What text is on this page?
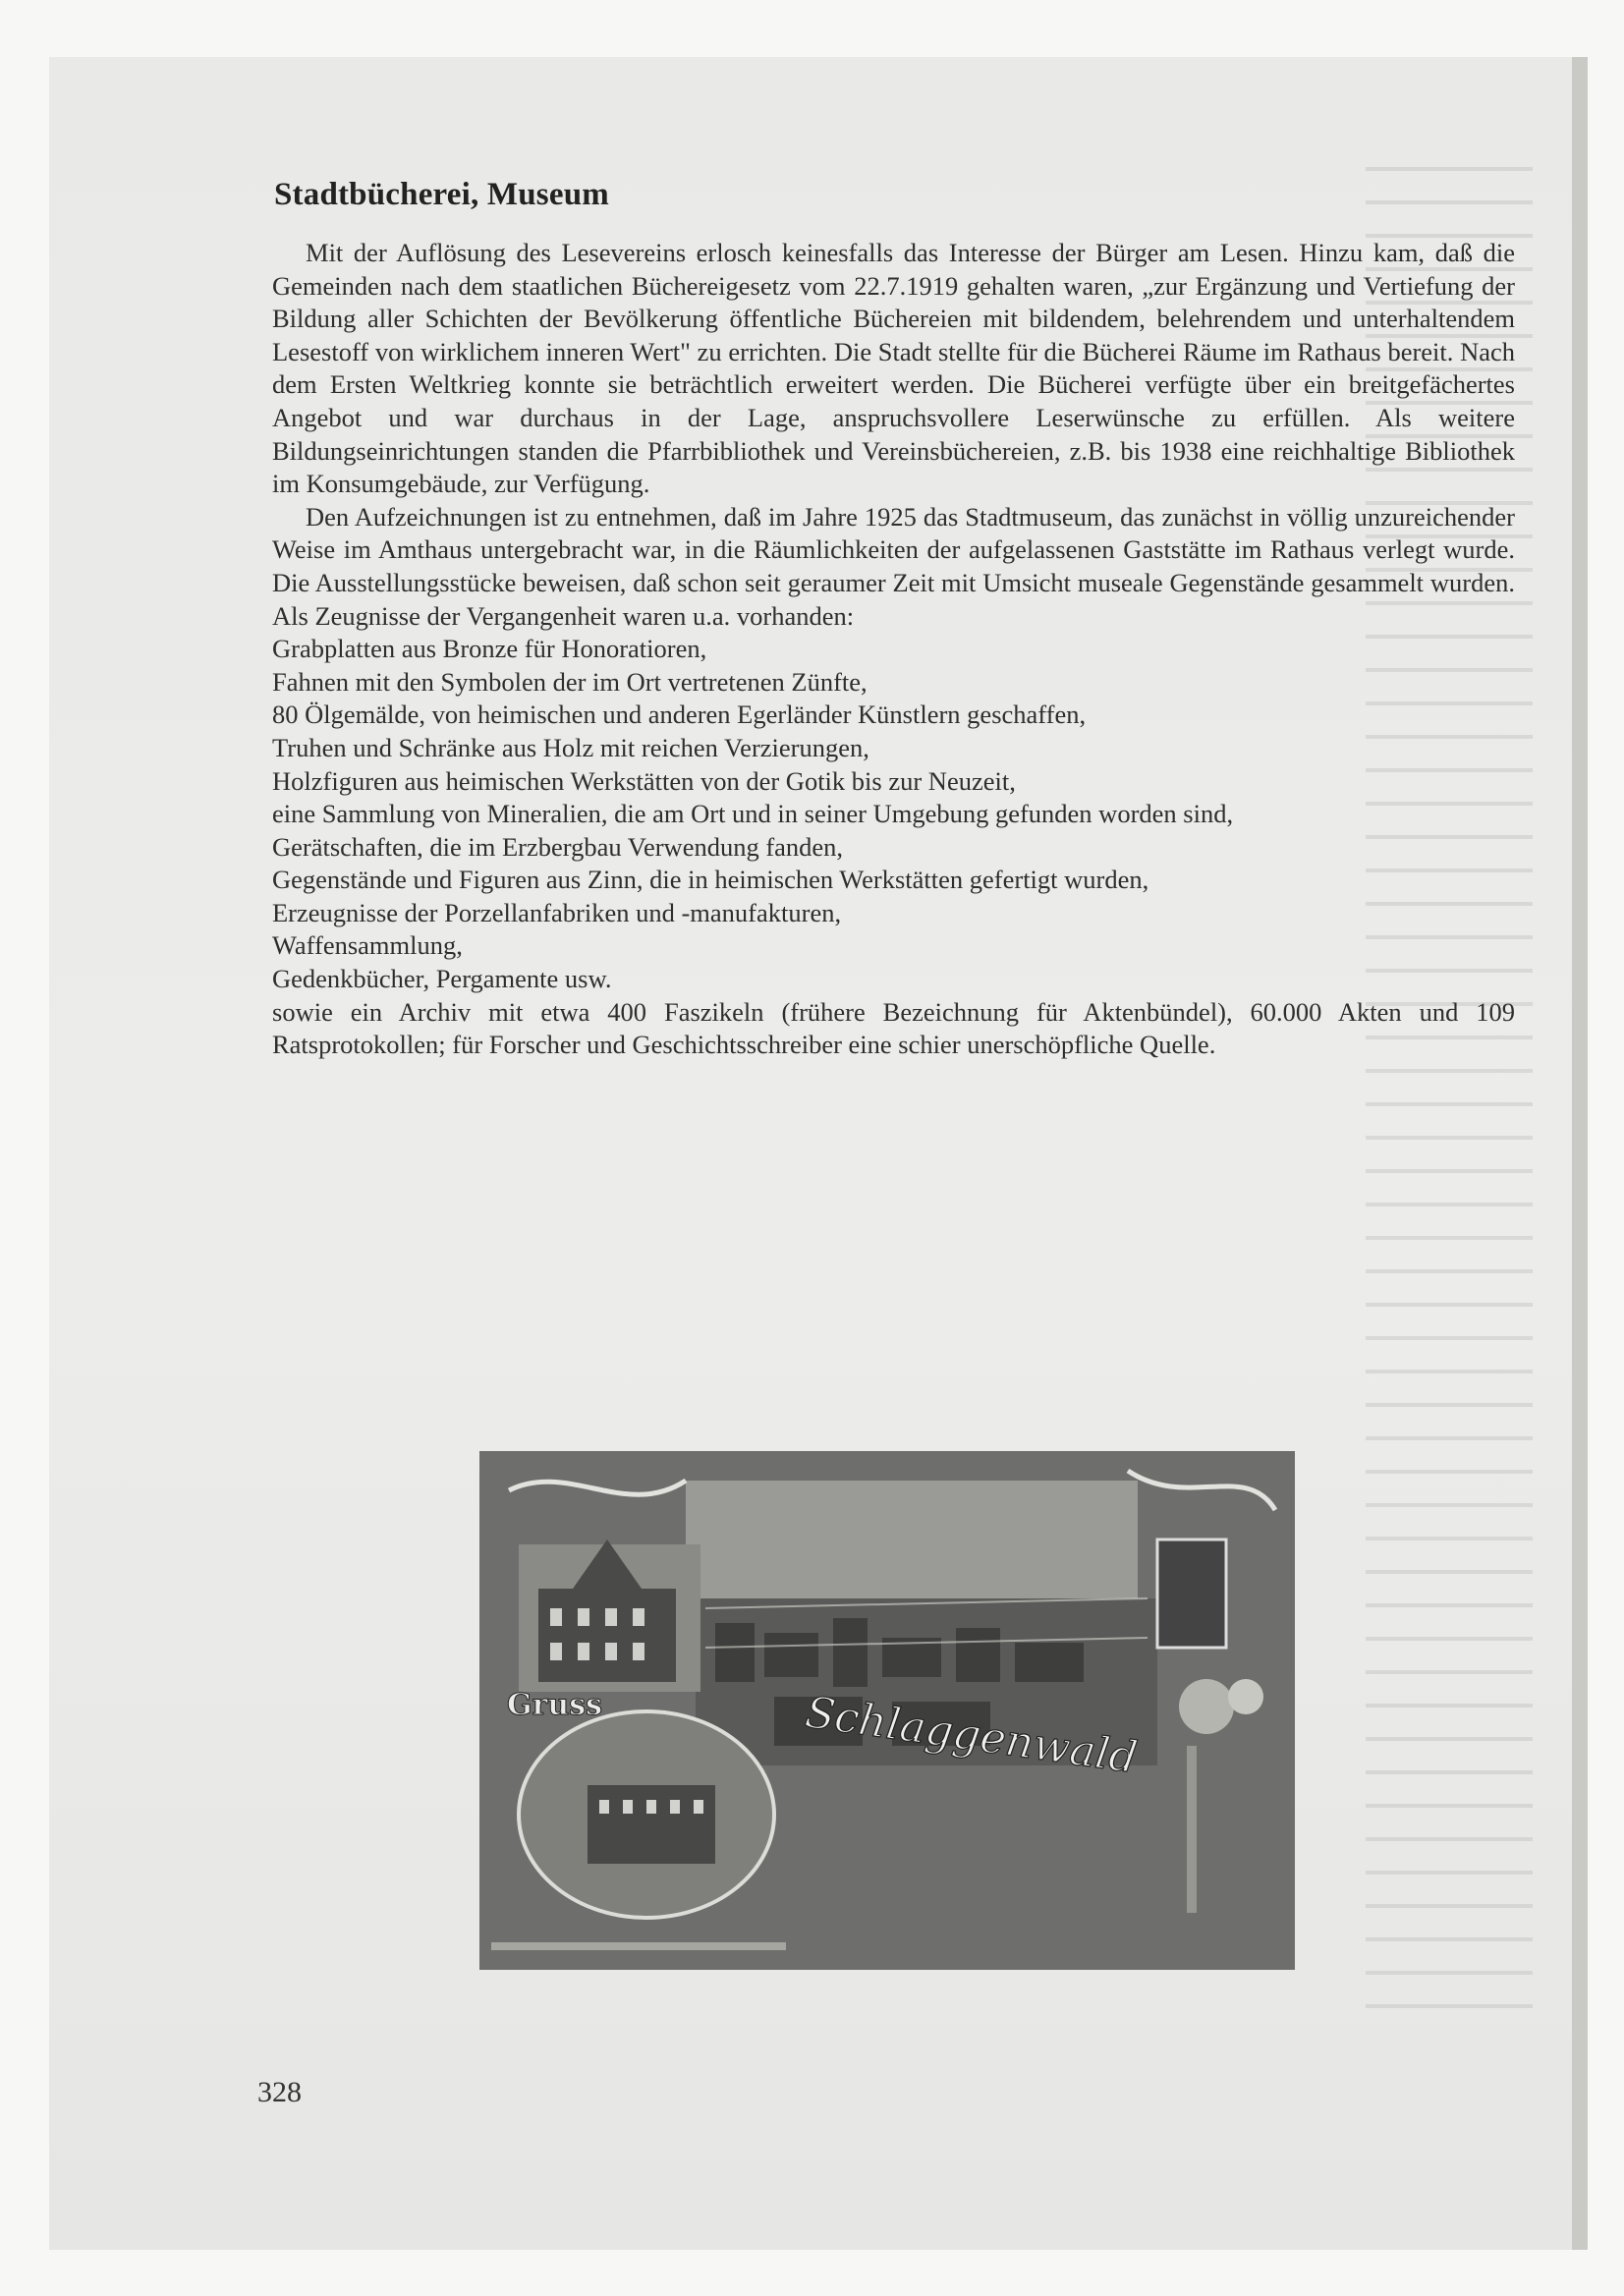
Stadtbücherei, Museum

Mit der Auflösung des Lesevereins erlosch keinesfalls das Interesse der Bürger am Lesen. Hinzu kam, daß die Gemeinden nach dem staatlichen Büchereigesetz vom 22.7.1919 gehalten waren, „zur Ergänzung und Vertiefung der Bildung aller Schichten der Bevölkerung öffentliche Büchereien mit bildendem, belehrendem und unterhaltendem Lesestoff von wirklichem inneren Wert" zu errichten. Die Stadt stellte für die Bücherei Räume im Rathaus bereit. Nach dem Ersten Weltkrieg konnte sie beträchtlich erweitert werden. Die Bücherei verfügte über ein breitgefächertes Angebot und war durchaus in der Lage, anspruchsvollere Leserwünsche zu erfüllen. Als weitere Bildungseinrichtungen standen die Pfarrbibliothek und Vereinsbüchereien, z.B. bis 1938 eine reichhaltige Bibliothek im Konsumgebäude, zur Verfügung.

Den Aufzeichnungen ist zu entnehmen, daß im Jahre 1925 das Stadtmuseum, das zunächst in völlig unzureichender Weise im Amthaus untergebracht war, in die Räumlichkeiten der aufgelassenen Gaststätte im Rathaus verlegt wurde. Die Ausstellungsstücke beweisen, daß schon seit geraumer Zeit mit Umsicht museale Gegenstände gesammelt wurden. Als Zeugnisse der Vergangenheit waren u.a. vorhanden:

Grabplatten aus Bronze für Honoratioren,
Fahnen mit den Symbolen der im Ort vertretenen Zünfte,
80 Ölgemälde, von heimischen und anderen Egerländer Künstlern geschaffen,
Truhen und Schränke aus Holz mit reichen Verzierungen,
Holzfiguren aus heimischen Werkstätten von der Gotik bis zur Neuzeit,
eine Sammlung von Mineralien, die am Ort und in seiner Umgebung gefunden worden sind,
Gerätschaften, die im Erzbergbau Verwendung fanden,
Gegenstände und Figuren aus Zinn, die in heimischen Werkstätten gefertigt wurden,
Erzeugnisse der Porzellanfabriken und -manufakturen,
Waffensammlung,
Gedenkbücher, Pergamente usw.

sowie ein Archiv mit etwa 400 Faszikeln (frühere Bezeichnung für Aktenbündel), 60.000 Akten und 109 Ratsprotokollen; für Forscher und Geschichtsschreiber eine schier unerschöpfliche Quelle.

Gruss	Schlaggenwald
328
